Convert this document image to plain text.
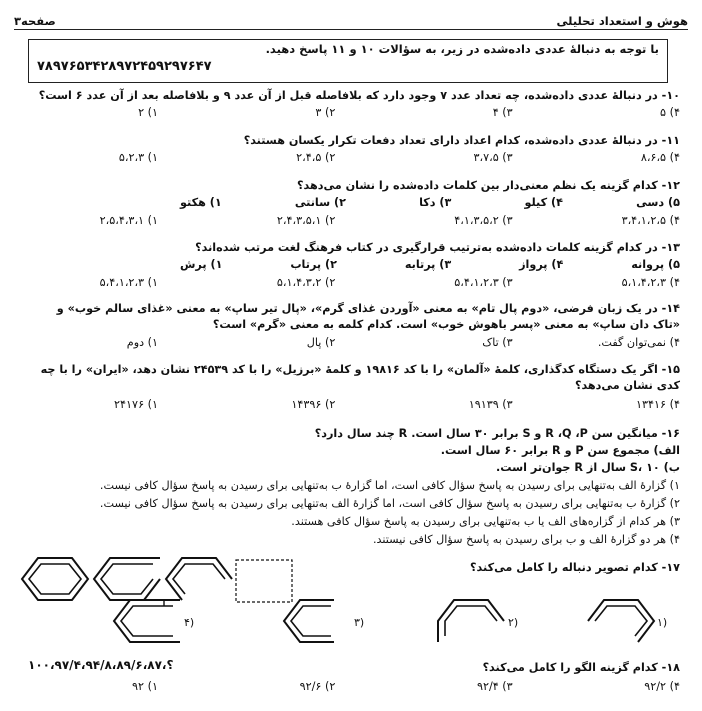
صفحه۳	هوش و استعداد تحلیلی
با توجه به دنبالهٔ عددی داده‌شده در زیر، به سؤالات ۱۰ و ۱۱ پاسخ دهید.
۷۸۹۷۶۵۳۴۲۸۹۷۲۴۵۹۲۹۷۶۴۷
۱۰- در دنبالهٔ عددی داده‌شده، چه تعداد عدد ۷ وجود دارد که بلافاصله قبل از آن عدد ۹ و بلافاصله بعد از آن عدد ۶ است؟
۱) ۲	۲) ۳	۳) ۴	۴) ۵
۱۱- در دنبالهٔ عددی داده‌شده، کدام اعداد دارای تعداد دفعات تکرار یکسان هستند؟
۱) ۵،۲،۳	۲) ۲،۴،۵	۳) ۳،۷،۵	۴) ۸،۶،۵
۱۲- کدام گزینه یک نظم معنی‌دار بین کلمات داده‌شده را نشان می‌دهد؟
۱) هکتو	۲) سانتی	۳) دکا	۴) کیلو	۵) دسی
۱) ۲،۵،۴،۳،۱	۲) ۲،۴،۳،۵،۱	۳) ۴،۱،۳،۵،۲	۴) ۳،۴،۱،۲،۵
۱۳- در کدام گزینه کلمات داده‌شده به‌ترتیب قرارگیری در کتاب فرهنگ لغت مرتب شده‌اند؟
۱) پرش	۲) پرتاب	۳) پرتابه	۴) پرواز	۵) پروانه
۱) ۵،۴،۱،۲،۳	۲) ۵،۱،۴،۳،۲	۳) ۵،۴،۱،۲،۳	۴) ۵،۱،۴،۲،۳
۱۴- در یک زبان فرضی، «دوم پال تام» به معنی «آوردن غذای گرم»، «پال تیر ساپ» به معنی «غذای سالم خوب» و «تاک دان ساپ» به معنی «پسر باهوش خوب» است. کدام کلمه به معنی «گرم» است؟
۱) دوم	۲) پال	۳) تاک	۴) نمی‌توان گفت.
۱۵- اگر یک دستگاه کدگذاری، کلمهٔ «آلمان» را با کد ۱۹۸۱۶ و کلمهٔ «برزیل» را با کد ۲۴۵۳۹ نشان دهد، «ایران» را با چه کدی نشان می‌دهد؟
۱) ۲۴۱۷۶	۲) ۱۴۳۹۶	۳) ۱۹۱۳۹	۴) ۱۳۴۱۶
۱۶- میانگین سن R ،Q ،P و S برابر ۳۰ سال است. R چند سال دارد؟
الف) مجموع سن P و R برابر ۶۰ سال است.
ب) S، ۱۰ سال از R جوان‌تر است.
۱) گزارهٔ الف به‌تنهایی برای رسیدن به پاسخ سؤال کافی است، اما گزارهٔ ب به‌تنهایی برای رسیدن به پاسخ سؤال کافی نیست.
۲) گزارهٔ ب به‌تنهایی برای رسیدن به پاسخ سؤال کافی است، اما گزارهٔ الف به‌تنهایی برای رسیدن به پاسخ سؤال کافی نیست.
۳) هر کدام از گزاره‌های الف یا ب به‌تنهایی برای رسیدن به پاسخ سؤال کافی هستند.
۴) هر دو گزارهٔ الف و ب برای رسیدن به پاسخ سؤال کافی نیستند.
۱۷- کدام تصویر دنباله را کامل می‌کند؟
(۱
(۲
(۳
(۴
۱۸- کدام گزینه الگو را کامل می‌کند؟
۱۰۰،۹۷/۴،۹۴/۸،؟،۸۹/۶،۸۷
۱) ۹۲	۲) ۹۲/۶	۳) ۹۲/۴	۴) ۹۲/۲
